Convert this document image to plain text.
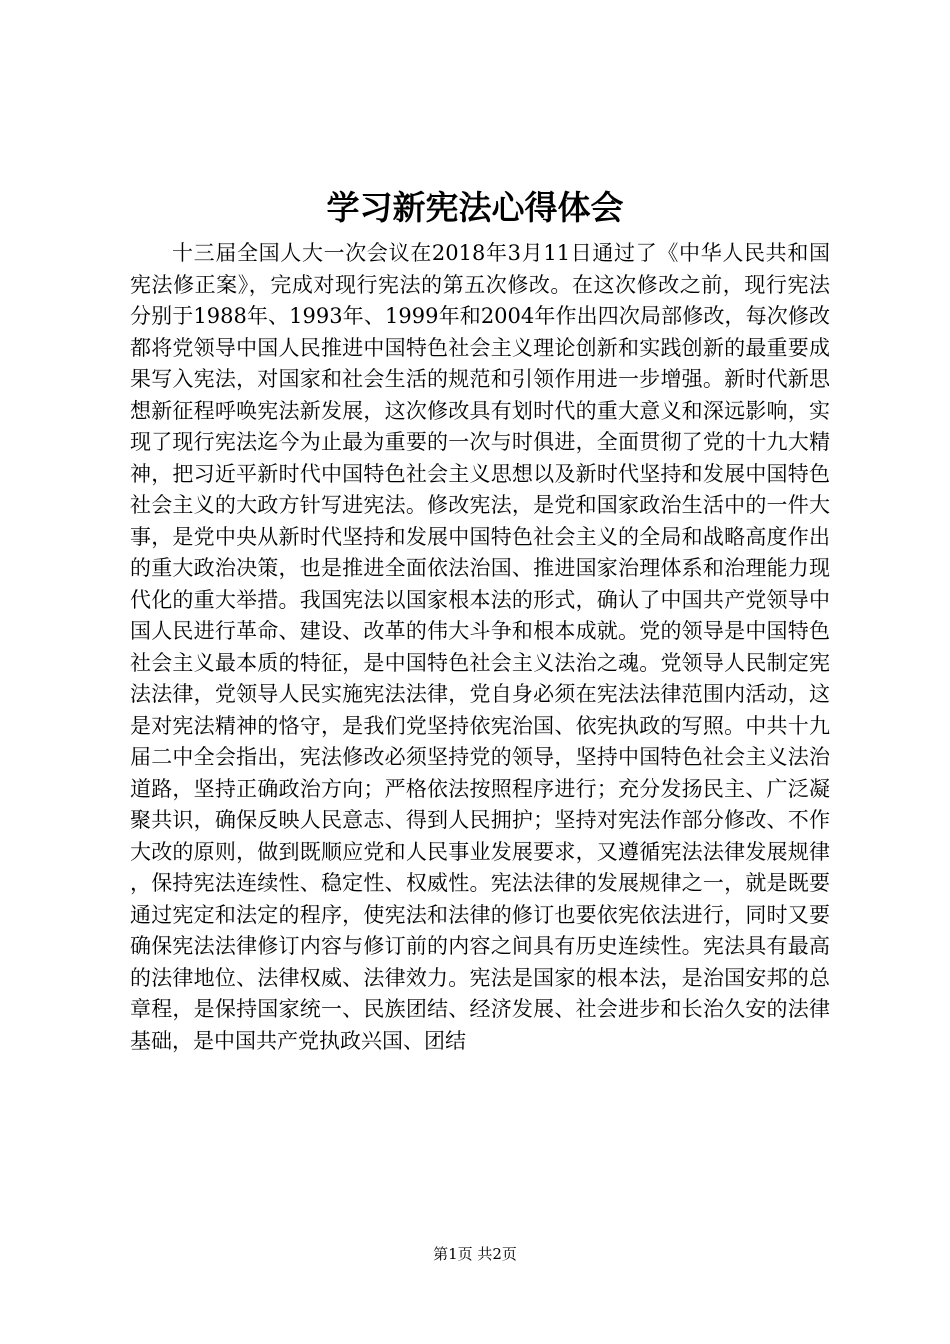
学习新宪法心得体会

十三届全国人大一次会议在2018年3月11日通过了《中华人民共和国宪法修正案》，完成对现行宪法的第五次修改。在这次修改之前，现行宪法分别于1988年、1993年、1999年和2004年作出四次局部修改，每次修改都将党领导中国人民推进中国特色社会主义理论创新和实践创新的最重要成果写入宪法，对国家和社会生活的规范和引领作用进一步增强。新时代新思想新征程呼唤宪法新发展，这次修改具有划时代的重大意义和深远影响，实现了现行宪法迄今为止最为重要的一次与时俱进，全面贯彻了党的十九大精神，把习近平新时代中国特色社会主义思想以及新时代坚持和发展中国特色社会主义的大政方针写进宪法。修改宪法，是党和国家政治生活中的一件大事，是党中央从新时代坚持和发展中国特色社会主义的全局和战略高度作出的重大政治决策，也是推进全面依法治国、推进国家治理体系和治理能力现代化的重大举措。我国宪法以国家根本法的形式，确认了中国共产党领导中国人民进行革命、建设、改革的伟大斗争和根本成就。党的领导是中国特色社会主义最本质的特征，是中国特色社会主义法治之魂。党领导人民制定宪法法律，党领导人民实施宪法法律，党自身必须在宪法法律范围内活动，这是对宪法精神的恪守，是我们党坚持依宪治国、依宪执政的写照。中共十九届二中全会指出，宪法修改必须坚持党的领导，坚持中国特色社会主义法治道路，坚持正确政治方向；严格依法按照程序进行；充分发扬民主、广泛凝聚共识，确保反映人民意志、得到人民拥护；坚持对宪法作部分修改、不作大改的原则，做到既顺应党和人民事业发展要求，又遵循宪法法律发展规律，保持宪法连续性、稳定性、权威性。宪法法律的发展规律之一，就是既要通过宪定和法定的程序，使宪法和法律的修订也要依宪依法进行，同时又要确保宪法法律修订内容与修订前的内容之间具有历史连续性。宪法具有最高的法律地位、法律权威、法律效力。宪法是国家的根本法，是治国安邦的总章程，是保持国家统一、民族团结、经济发展、社会进步和长治久安的法律基础，是中国共产党执政兴国、团结

第1页 共2页
